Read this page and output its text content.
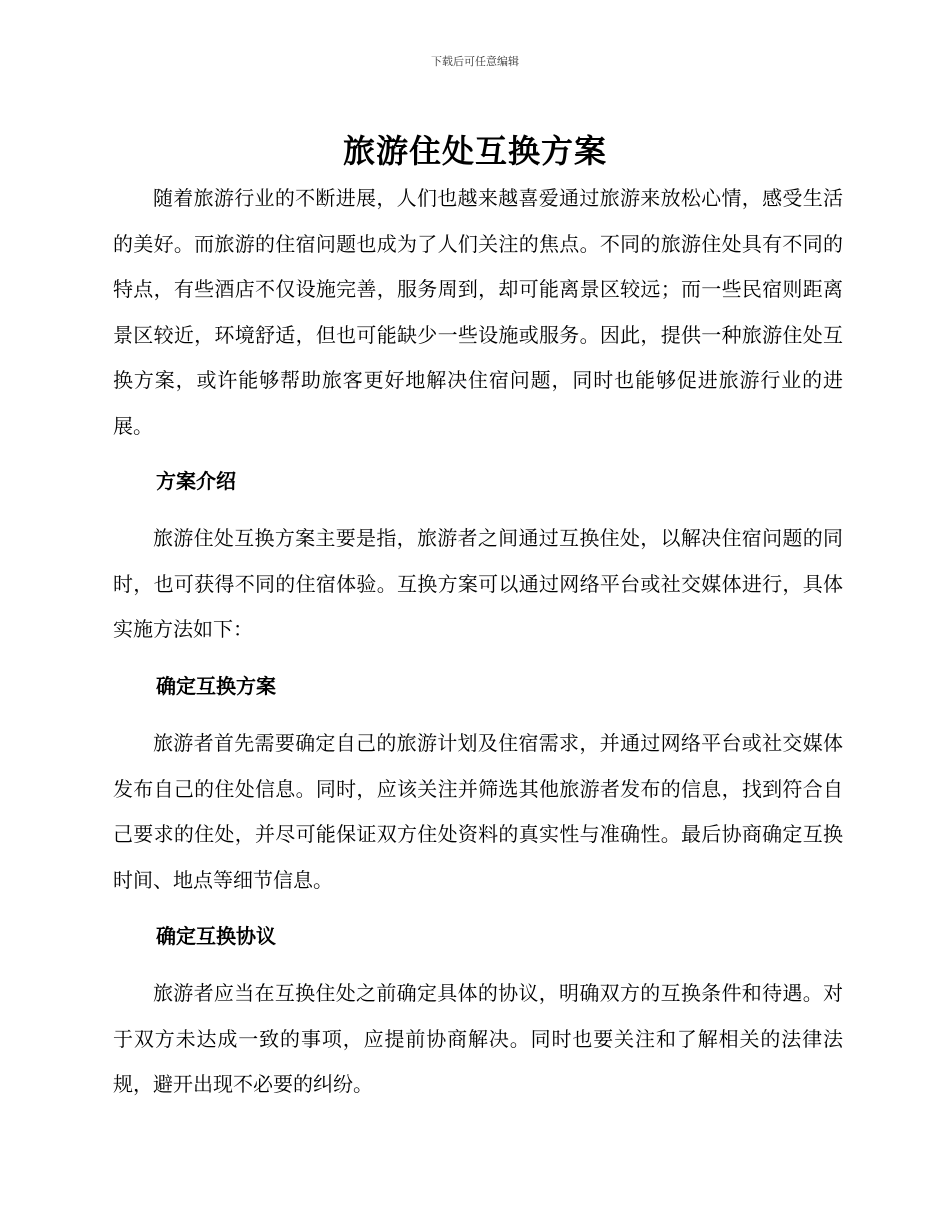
下载后可任意编辑
旅游住处互换方案

随着旅游行业的不断进展，人们也越来越喜爱通过旅游来放松心情，感受生活的美好。而旅游的住宿问题也成为了人们关注的焦点。不同的旅游住处具有不同的特点，有些酒店不仅设施完善，服务周到，却可能离景区较远；而一些民宿则距离景区较近，环境舒适，但也可能缺少一些设施或服务。因此，提供一种旅游住处互换方案，或许能够帮助旅客更好地解决住宿问题，同时也能够促进旅游行业的进展。

方案介绍

旅游住处互换方案主要是指，旅游者之间通过互换住处，以解决住宿问题的同时，也可获得不同的住宿体验。互换方案可以通过网络平台或社交媒体进行，具体实施方法如下：

确定互换方案

旅游者首先需要确定自己的旅游计划及住宿需求，并通过网络平台或社交媒体发布自己的住处信息。同时，应该关注并筛选其他旅游者发布的信息，找到符合自己要求的住处，并尽可能保证双方住处资料的真实性与准确性。最后协商确定互换时间、地点等细节信息。

确定互换协议

旅游者应当在互换住处之前确定具体的协议，明确双方的互换条件和待遇。对于双方未达成一致的事项，应提前协商解决。同时也要关注和了解相关的法律法规，避开出现不必要的纠纷。
